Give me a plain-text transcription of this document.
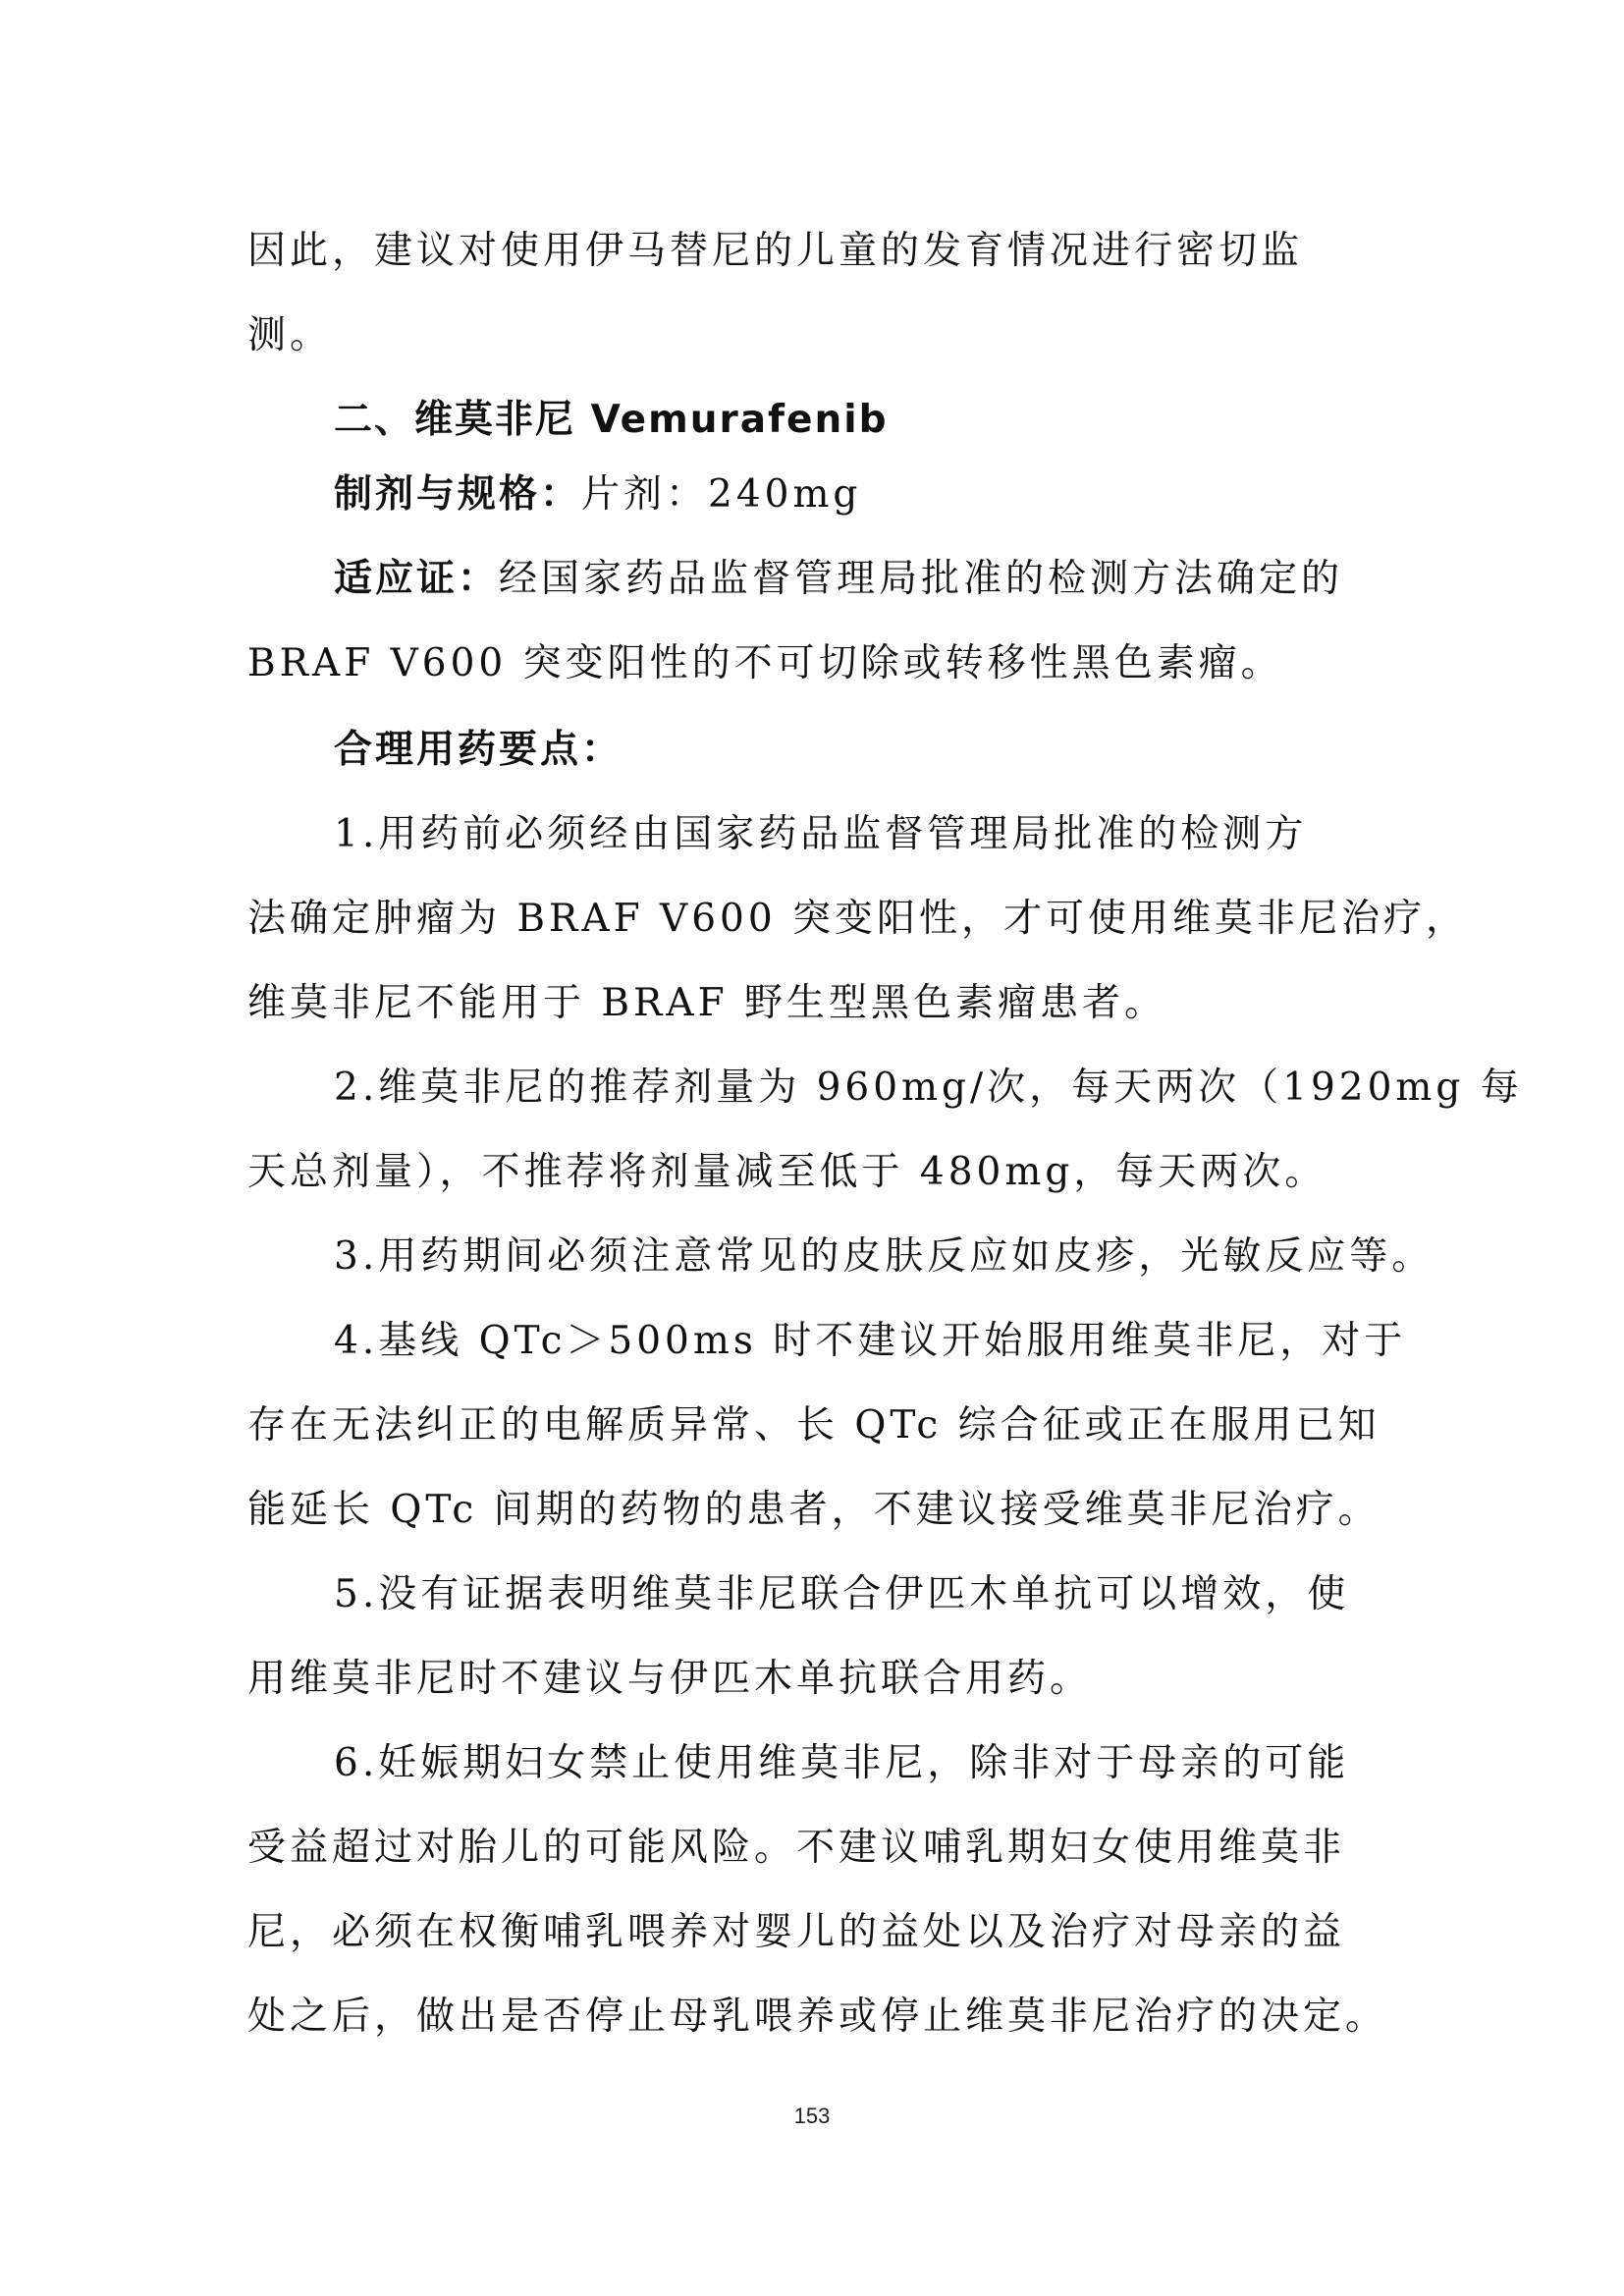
因此，建议对使用伊马替尼的儿童的发育情况进行密切监
测。
二、维莫非尼 Vemurafenib
制剂与规格：片剂：240mg
适应证：经国家药品监督管理局批准的检测方法确定的
BRAF V600 突变阳性的不可切除或转移性黑色素瘤。
合理用药要点：
1.用药前必须经由国家药品监督管理局批准的检测方
法确定肿瘤为 BRAF V600 突变阳性，才可使用维莫非尼治疗，
维莫非尼不能用于 BRAF 野生型黑色素瘤患者。
2.维莫非尼的推荐剂量为 960mg/次，每天两次（1920mg 每
天总剂量），不推荐将剂量减至低于 480mg，每天两次。
3.用药期间必须注意常见的皮肤反应如皮疹，光敏反应等。
4.基线 QTc＞500ms 时不建议开始服用维莫非尼，对于
存在无法纠正的电解质异常、长 QTc 综合征或正在服用已知
能延长 QTc 间期的药物的患者，不建议接受维莫非尼治疗。
5.没有证据表明维莫非尼联合伊匹木单抗可以增效，使
用维莫非尼时不建议与伊匹木单抗联合用药。
6.妊娠期妇女禁止使用维莫非尼，除非对于母亲的可能
受益超过对胎儿的可能风险。不建议哺乳期妇女使用维莫非
尼，必须在权衡哺乳喂养对婴儿的益处以及治疗对母亲的益
处之后，做出是否停止母乳喂养或停止维莫非尼治疗的决定。
153
